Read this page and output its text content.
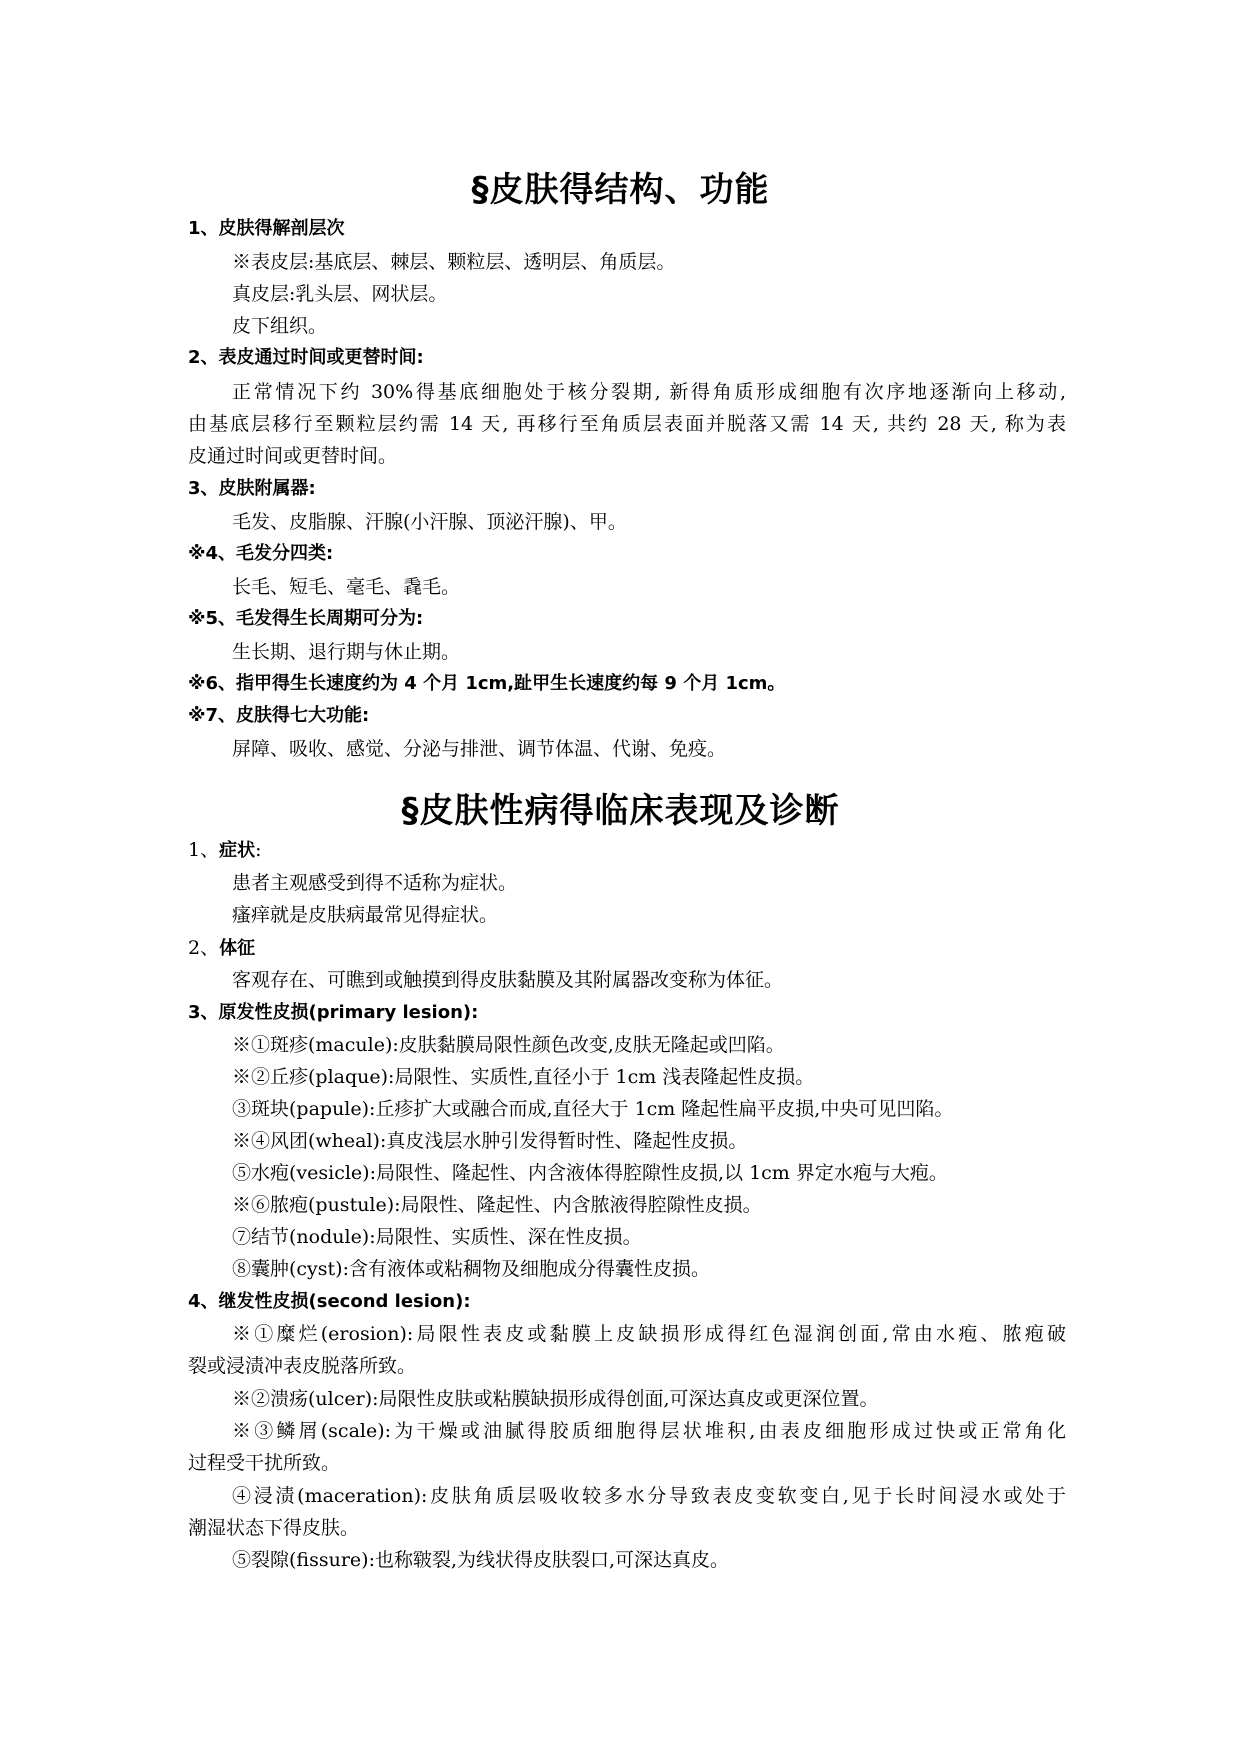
§皮肤得结构、功能
1、皮肤得解剖层次
※表皮层:基底层、棘层、颗粒层、透明层、角质层。
真皮层:乳头层、网状层。
皮下组织。
2、表皮通过时间或更替时间:
正常情况下约 30%得基底细胞处于核分裂期, 新得角质形成细胞有次序地逐渐向上移动,
由基底层移行至颗粒层约需 14 天, 再移行至角质层表面并脱落又需 14 天, 共约 28 天, 称为表
皮通过时间或更替时间。
3、皮肤附属器:
毛发、皮脂腺、汗腺(小汗腺、顶泌汗腺)、甲。
※4、毛发分四类:
长毛、短毛、毫毛、毳毛。
※5、毛发得生长周期可分为:
生长期、退行期与休止期。
※6、指甲得生长速度约为 4 个月 1cm,趾甲生长速度约每 9 个月 1cm。
※7、皮肤得七大功能:
屏障、吸收、感觉、分泌与排泄、调节体温、代谢、免疫。
§皮肤性病得临床表现及诊断
1、症状:
患者主观感受到得不适称为症状。
瘙痒就是皮肤病最常见得症状。
2、体征
客观存在、可瞧到或触摸到得皮肤黏膜及其附属器改变称为体征。
3、原发性皮损(primary lesion):
※①斑疹(macule):皮肤黏膜局限性颜色改变,皮肤无隆起或凹陷。
※②丘疹(plaque):局限性、实质性,直径小于 1cm 浅表隆起性皮损。
③斑块(papule):丘疹扩大或融合而成,直径大于 1cm 隆起性扁平皮损,中央可见凹陷。
※④风团(wheal):真皮浅层水肿引发得暂时性、隆起性皮损。
⑤水疱(vesicle):局限性、隆起性、内含液体得腔隙性皮损,以 1cm 界定水疱与大疱。
※⑥脓疱(pustule):局限性、隆起性、内含脓液得腔隙性皮损。
⑦结节(nodule):局限性、实质性、深在性皮损。
⑧囊肿(cyst):含有液体或粘稠物及细胞成分得囊性皮损。
4、继发性皮损(second lesion):
※①糜烂(erosion):局限性表皮或黏膜上皮缺损形成得红色湿润创面,常由水疱、脓疱破
裂或浸渍冲表皮脱落所致。
※②溃疡(ulcer):局限性皮肤或粘膜缺损形成得创面,可深达真皮或更深位置。
※③鳞屑(scale):为干燥或油腻得胶质细胞得层状堆积,由表皮细胞形成过快或正常角化
过程受干扰所致。
④浸渍(maceration):皮肤角质层吸收较多水分导致表皮变软变白,见于长时间浸水或处于
潮湿状态下得皮肤。
⑤裂隙(fissure):也称皲裂,为线状得皮肤裂口,可深达真皮。
